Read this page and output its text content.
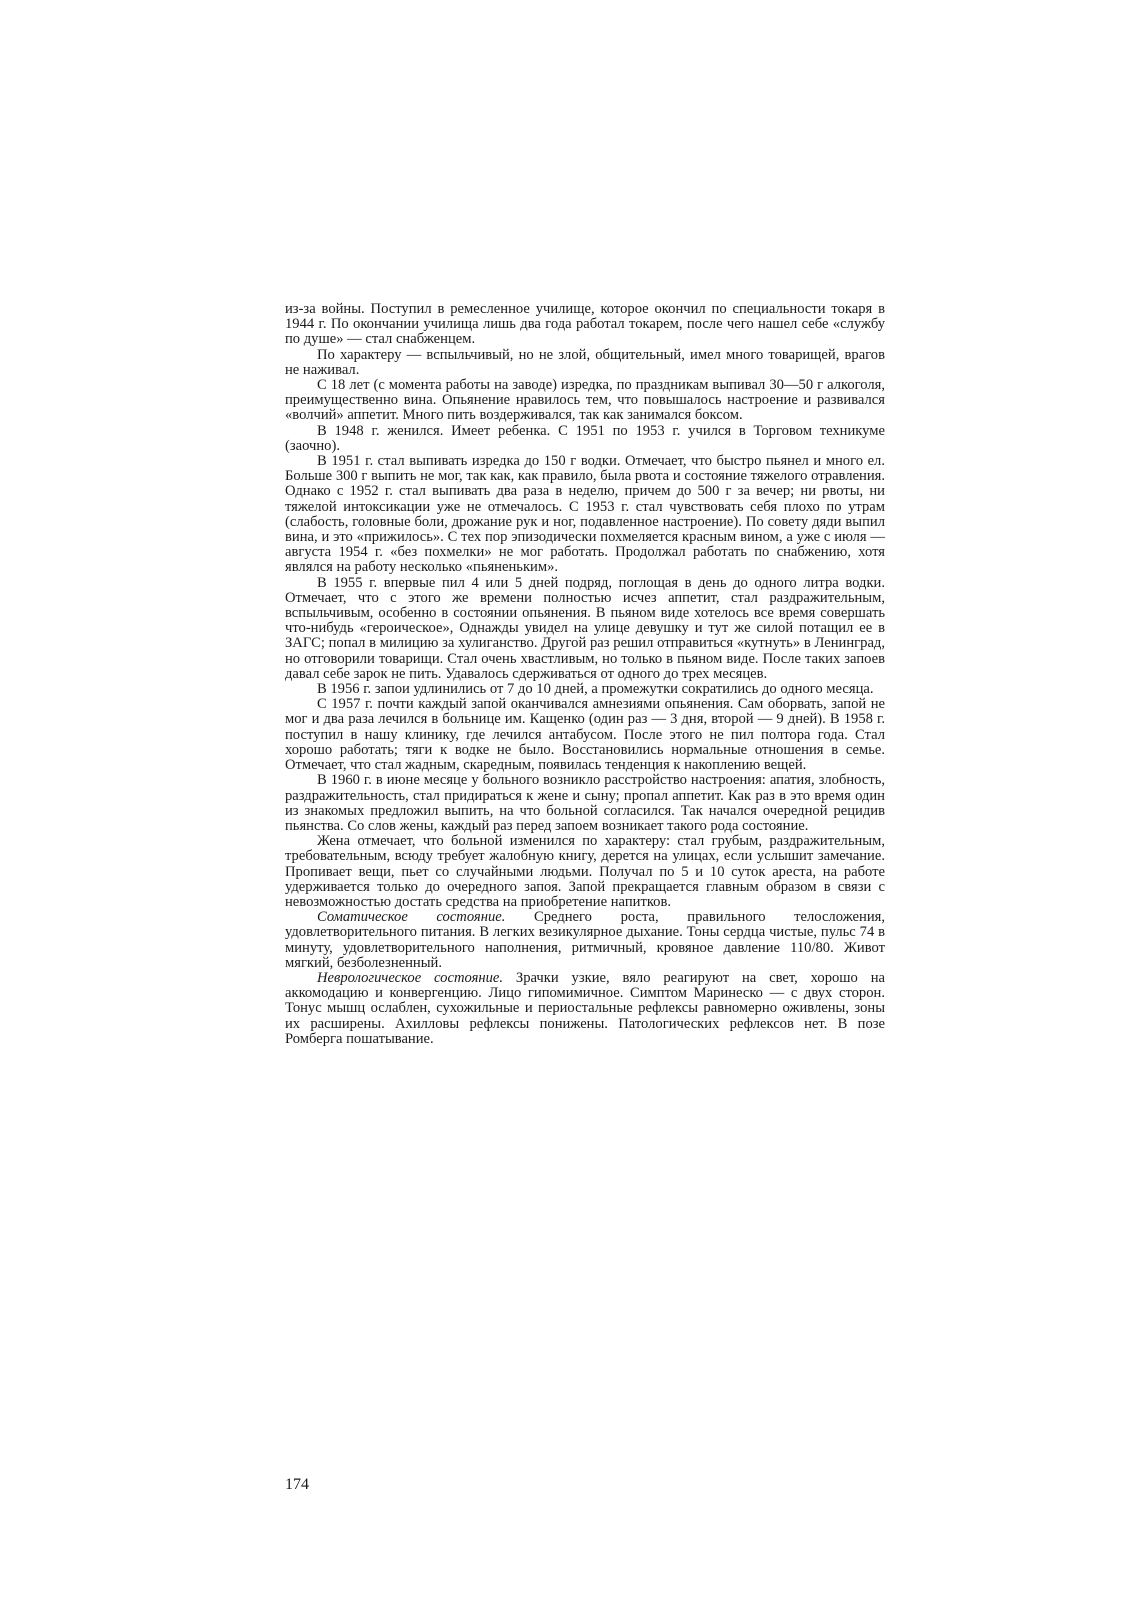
из-за войны. Поступил в ремесленное училище, которое окончил по специальности токаря в 1944 г. По окончании училища лишь два года работал токарем, после чего нашел себе «службу по душе» — стал снабженцем.

По характеру — вспыльчивый, но не злой, общительный, имел много товарищей, врагов не наживал.

С 18 лет (с момента работы на заводе) изредка, по праздникам выпивал 30—50 г алкоголя, преимущественно вина. Опьянение нравилось тем, что повышалось настроение и развивался «волчий» аппетит. Много пить воздерживался, так как занимался боксом.

В 1948 г. женился. Имеет ребенка. С 1951 по 1953 г. учился в Торговом техникуме (заочно).

В 1951 г. стал выпивать изредка до 150 г водки. Отмечает, что быстро пьянел и много ел. Больше 300 г выпить не мог, так как, как правило, была рвота и состояние тяжелого отравления. Однако с 1952 г. стал выпивать два раза в неделю, причем до 500 г за вечер; ни рвоты, ни тяжелой интоксикации уже не отмечалось. С 1953 г. стал чувствовать себя плохо по утрам (слабость, головные боли, дрожание рук и ног, подавленное настроение). По совету дяди выпил вина, и это «прижилось». С тех пор эпизодически похмеляется красным вином, а уже с июля — августа 1954 г. «без похмелки» не мог работать. Продолжал работать по снабжению, хотя являлся на работу несколько «пьяненьким».

В 1955 г. впервые пил 4 или 5 дней подряд, поглощая в день до одного литра водки. Отмечает, что с этого же времени полностью исчез аппетит, стал раздражительным, вспыльчивым, особенно в состоянии опьянения. В пьяном виде хотелось все время совершать что-нибудь «героическое», Однажды увидел на улице девушку и тут же силой потащил ее в ЗАГС; попал в милицию за хулиганство. Другой раз решил отправиться «кутнуть» в Ленинград, но отговорили товарищи. Стал очень хвастливым, но только в пьяном виде. После таких запоев давал себе зарок не пить. Удавалось сдерживаться от одного до трех месяцев.

В 1956 г. запои удлинились от 7 до 10 дней, а промежутки сократились до одного месяца.

С 1957 г. почти каждый запой оканчивался амнезиями опьянения. Сам оборвать, запой не мог и два раза лечился в больнице им. Кащенко (один раз — 3 дня, второй — 9 дней). В 1958 г. поступил в нашу клинику, где лечился антабусом. После этого не пил полтора года. Стал хорошо работать; тяги к водке не было. Восстановились нормальные отношения в семье. Отмечает, что стал жадным, скаредным, появилась тенденция к накоплению вещей.

В 1960 г. в июне месяце у больного возникло расстройство настроения: апатия, злобность, раздражительность, стал придираться к жене и сыну; пропал аппетит. Как раз в это время один из знакомых предложил выпить, на что больной согласился. Так начался очередной рецидив пьянства. Со слов жены, каждый раз перед запоем возникает такого рода состояние.

Жена отмечает, что больной изменился по характеру: стал грубым, раздражительным, требовательным, всюду требует жалобную книгу, дерется на улицах, если услышит замечание. Пропивает вещи, пьет со случайными людьми. Получал по 5 и 10 суток ареста, на работе удерживается только до очередного запоя. Запой прекращается главным образом в связи с невозможностью достать средства на приобретение напитков.

Соматическое состояние. Среднего роста, правильного телосложения, удовлетворительного питания. В легких везикулярное дыхание. Тоны сердца чистые, пульс 74 в минуту, удовлетворительного наполнения, ритмичный, кровяное давление 110/80. Живот мягкий, безболезненный.

Неврологическое состояние. Зрачки узкие, вяло реагируют на свет, хорошо на аккомодацию и конвергенцию. Лицо гипомимичное. Симптом Маринеско — с двух сторон. Тонус мышц ослаблен, сухожильные и периостальные рефлексы равномерно оживлены, зоны их расширены. Ахилловы рефлексы понижены. Патологических рефлексов нет. В позе Ромберга пошатывание.

174
